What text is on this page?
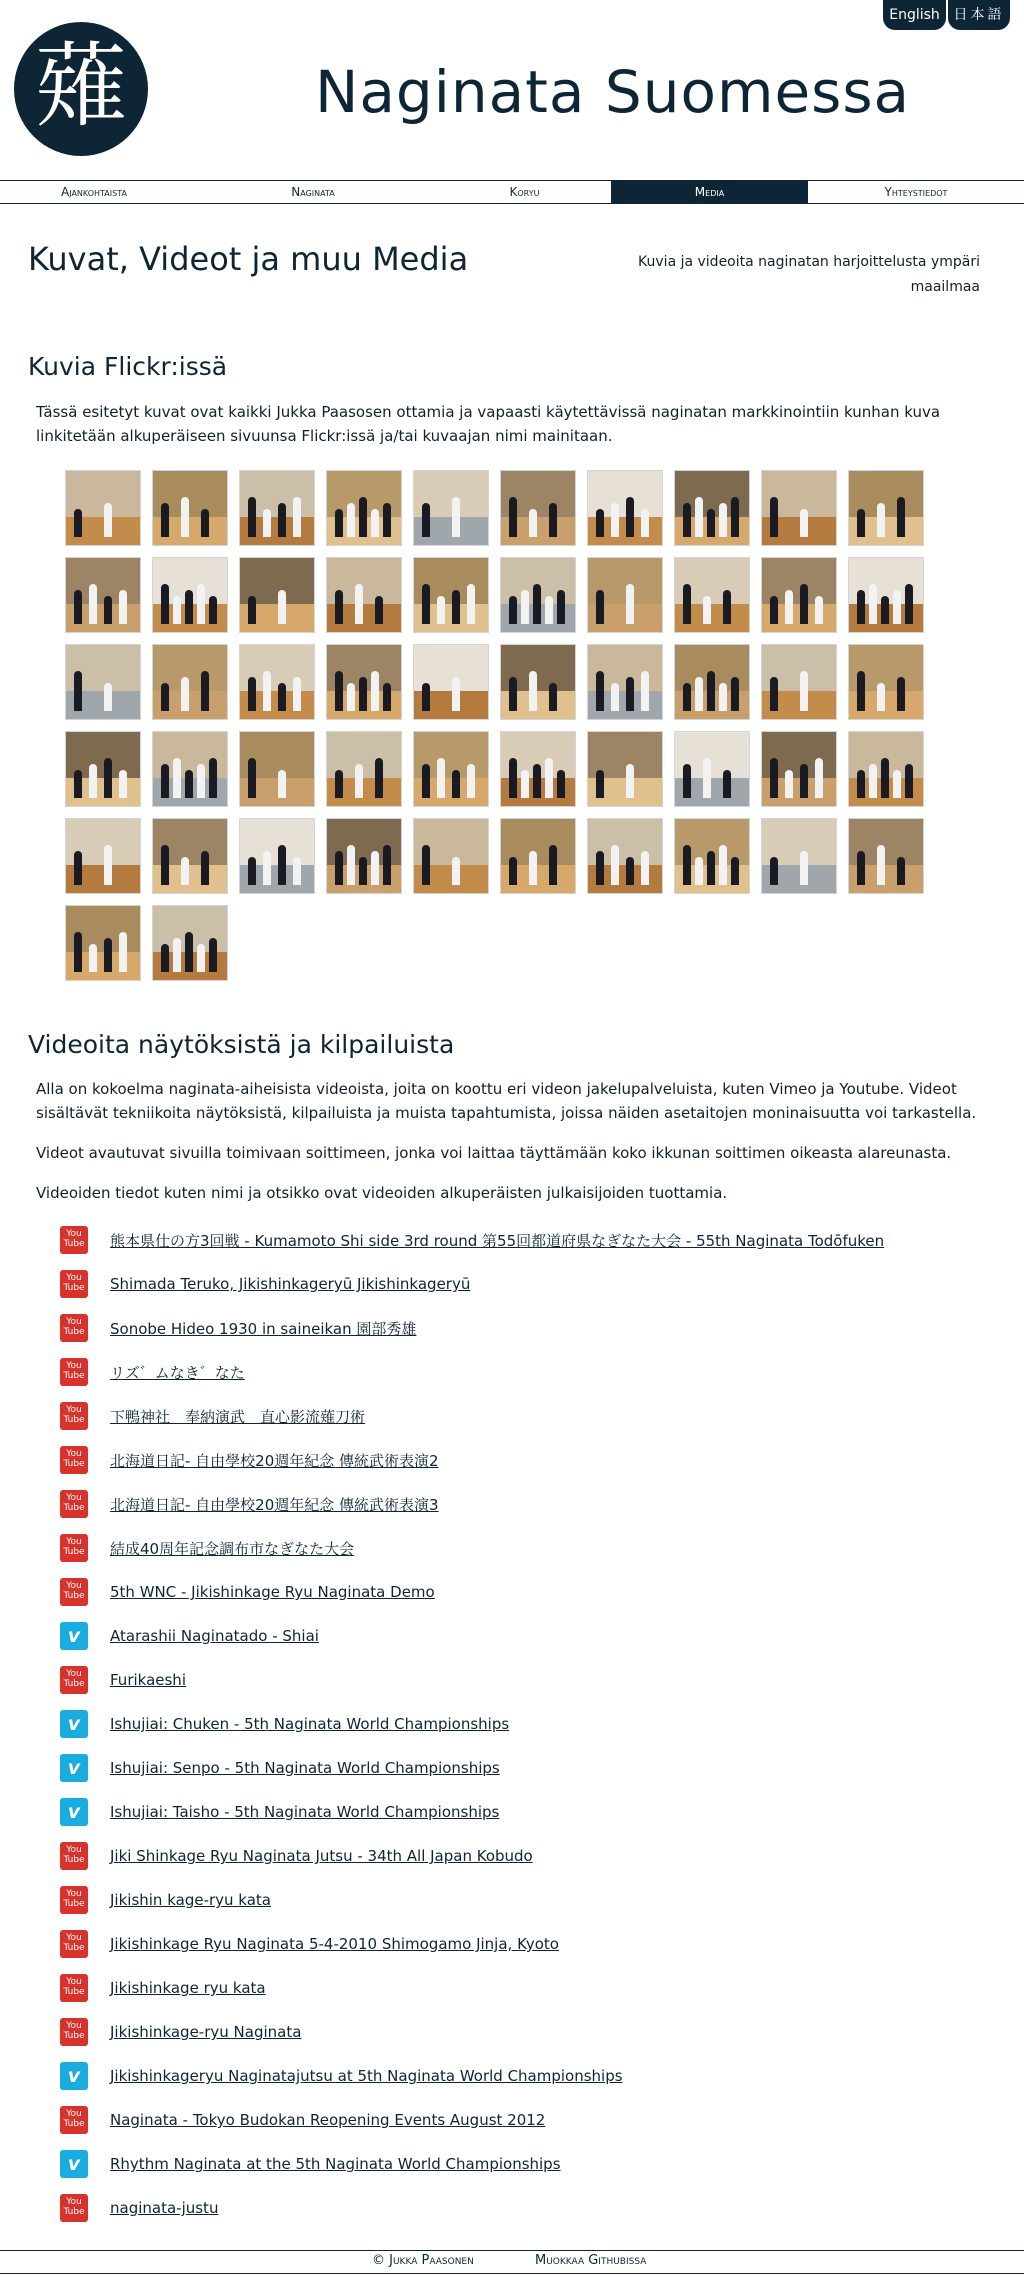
English 日本語
薙	Naginata Suomessa
Ajankohtaista	Naginata	Koryu	Media	Yhteystiedot
Kuvat, Videot ja muu Media	Kuvia ja videoita naginatan harjoittelusta ympäri maailmaa

Kuvia Flickr:issä

Tässä esitetyt kuvat ovat kaikki Jukka Paasosen ottamia ja vapaasti käytettävissä naginatan markkinointiin kunhan kuva linkitetään alkuperäiseen sivuunsa Flickr:issä ja/tai kuvaajan nimi mainitaan.

Videoita näytöksistä ja kilpailuista

Alla on kokoelma naginata-aiheisista videoista, joita on koottu eri videon jakelupalveluista, kuten Vimeo ja Youtube. Videot sisältävät tekniikoita näytöksistä, kilpailuista ja muista tapahtumista, joissa näiden asetaitojen moninaisuutta voi tarkastella.

Videot avautuvat sivuilla toimivaan soittimeen, jonka voi laittaa täyttämään koko ikkunan soittimen oikeasta alareunasta.

Videoiden tiedot kuten nimi ja otsikko ovat videoiden alkuperäisten julkaisijoiden tuottamia.

You Tube 熊本県仕の方3回戦 - Kumamoto Shi side 3rd round 第55回都道府県なぎなた大会 - 55th Naginata Todōfuken
You Tube Shimada Teruko, Jikishinkageryū Jikishinkageryū
You Tube Sonobe Hideo 1930 in saineikan 園部秀雄
You Tube リズ゛ムなき゛なた
You Tube 下鴨神社　奉納演武　直心影流薙刀術
You Tube 北海道日記- 自由學校20週年紀念 傳統武術表演2
You Tube 北海道日記- 自由學校20週年紀念 傳統武術表演3
You Tube 結成40周年記念調布市なぎなた大会
You Tube 5th WNC - Jikishinkage Ryu Naginata Demo
v	Atarashii Naginatado - Shiai
You Tube Furikaeshi
v	Ishujiai: Chuken - 5th Naginata World Championships
v	Ishujiai: Senpo - 5th Naginata World Championships
v	Ishujiai: Taisho - 5th Naginata World Championships
You Tube Jiki Shinkage Ryu Naginata Jutsu - 34th All Japan Kobudo
You Tube Jikishin kage-ryu kata
You Tube Jikishinkage Ryu Naginata 5-4-2010 Shimogamo Jinja, Kyoto
You Tube Jikishinkage ryu kata
You Tube Jikishinkage-ryu Naginata
v	Jikishinkageryu Naginatajutsu at 5th Naginata World Championships
You Tube Naginata - Tokyo Budokan Reopening Events August 2012
v	Rhythm Naginata at the 5th Naginata World Championships
You Tube naginata-justu
© Jukka Paasonen	Muokkaa Githubissa
